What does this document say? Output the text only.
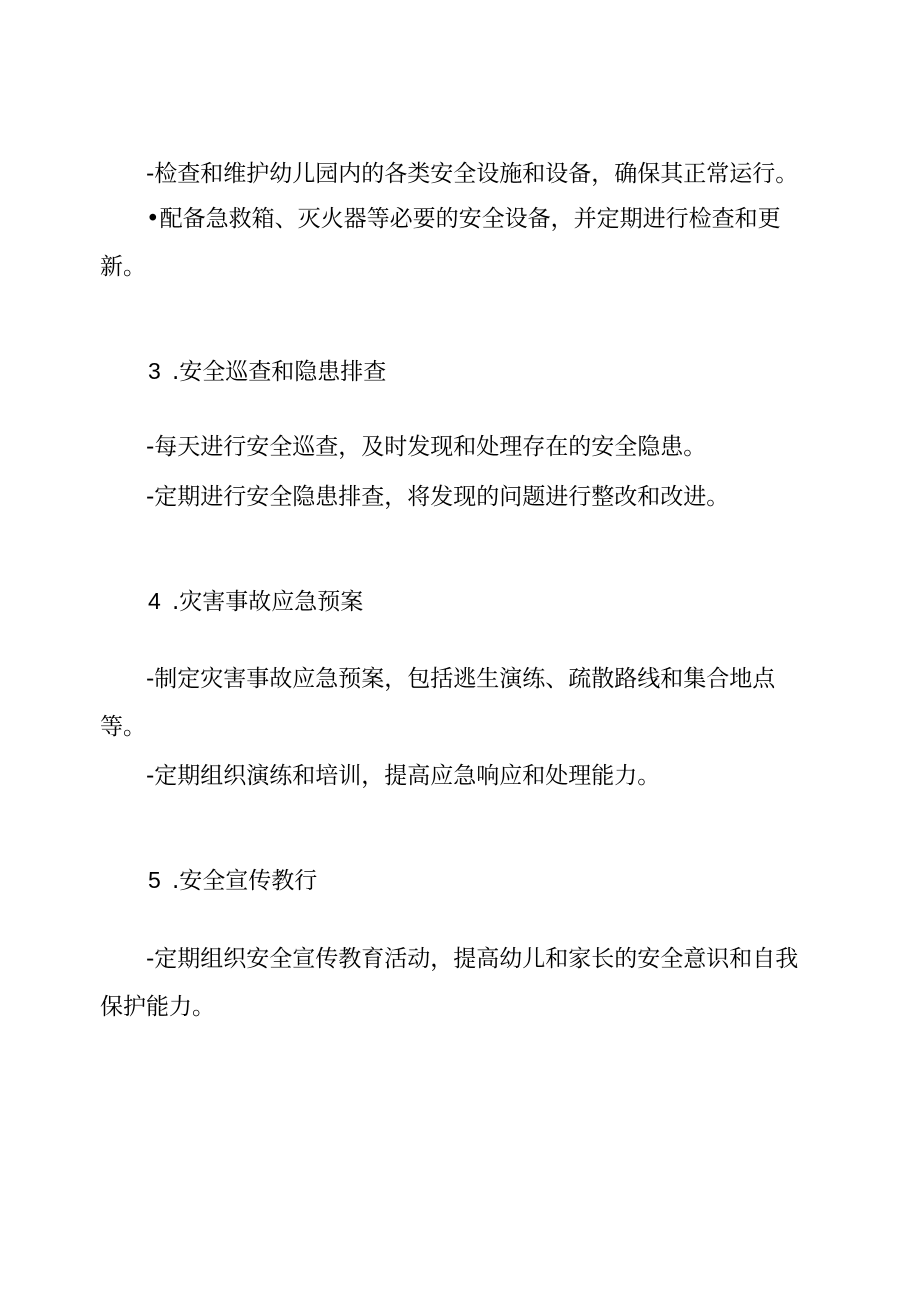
-检查和维护幼儿园内的各类安全设施和设备，确保其正常运行。

•配备急救箱、灭火器等必要的安全设备，并定期进行检查和更新。

3 .安全巡查和隐患排查

-每天进行安全巡查，及时发现和处理存在的安全隐患。

-定期进行安全隐患排查，将发现的问题进行整改和改进。

4 .灾害事故应急预案

-制定灾害事故应急预案，包括逃生演练、疏散路线和集合地点等。

-定期组织演练和培训，提高应急响应和处理能力。

5 .安全宣传教行

-定期组织安全宣传教育活动，提高幼儿和家长的安全意识和自我保护能力。
